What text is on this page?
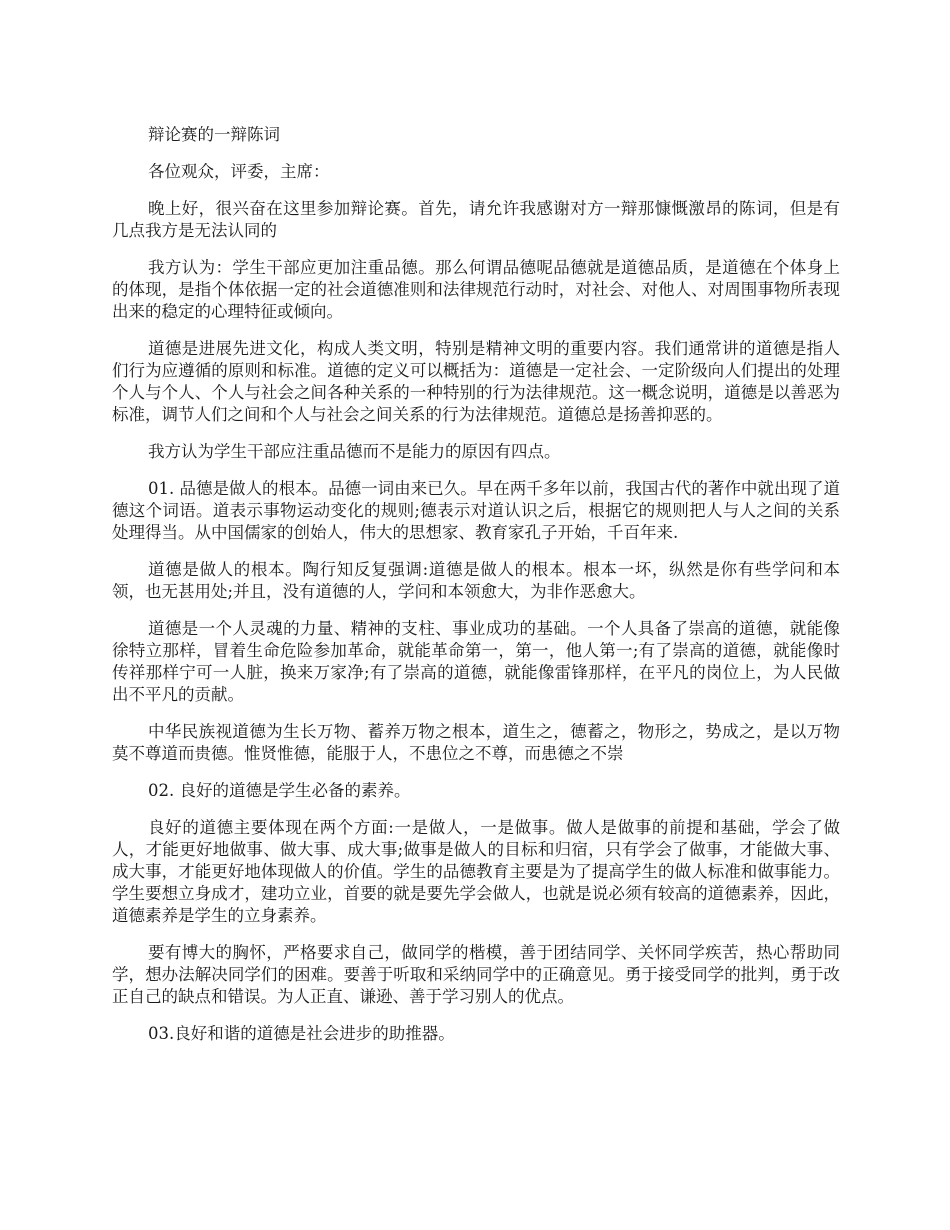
辩论赛的一辩陈词

各位观众，评委，主席：

晚上好，很兴奋在这里参加辩论赛。首先，请允许我感谢对方一辩那慷慨激昂的陈词，但是有几点我方是无法认同的

我方认为：学生干部应更加注重品德。那么何谓品德呢品德就是道德品质，是道德在个体身上的体现，是指个体依据一定的社会道德准则和法律规范行动时，对社会、对他人、对周围事物所表现出来的稳定的心理特征或倾向。

道德是进展先进文化，构成人类文明，特别是精神文明的重要内容。我们通常讲的道德是指人们行为应遵循的原则和标准。道德的定义可以概括为：道德是一定社会、一定阶级向人们提出的处理个人与个人、个人与社会之间各种关系的一种特别的行为法律规范。这一概念说明，道德是以善恶为标准，调节人们之间和个人与社会之间关系的行为法律规范。道德总是扬善抑恶的。

我方认为学生干部应注重品德而不是能力的原因有四点。

01. 品德是做人的根本。品德一词由来已久。早在两千多年以前，我国古代的著作中就出现了道德这个词语。道表示事物运动变化的规则;德表示对道认识之后，根据它的规则把人与人之间的关系处理得当。从中国儒家的创始人，伟大的思想家、教育家孔子开始，千百年来.

道德是做人的根本。陶行知反复强调:道德是做人的根本。根本一坏，纵然是你有些学问和本领，也无甚用处;并且，没有道德的人，学问和本领愈大，为非作恶愈大。

道德是一个人灵魂的力量、精神的支柱、事业成功的基础。一个人具备了崇高的道德，就能像徐特立那样，冒着生命危险参加革命，就能革命第一，第一，他人第一;有了崇高的道德，就能像时传祥那样宁可一人脏，换来万家净;有了崇高的道德，就能像雷锋那样，在平凡的岗位上，为人民做出不平凡的贡献。

中华民族视道德为生长万物、蓄养万物之根本，道生之，德蓄之，物形之，势成之，是以万物莫不尊道而贵德。惟贤惟德，能服于人，不患位之不尊，而患德之不崇

02. 良好的道德是学生必备的素养。

良好的道德主要体现在两个方面:一是做人，一是做事。做人是做事的前提和基础，学会了做人，才能更好地做事、做大事、成大事;做事是做人的目标和归宿，只有学会了做事，才能做大事、成大事，才能更好地体现做人的价值。学生的品德教育主要是为了提高学生的做人标准和做事能力。学生要想立身成才，建功立业，首要的就是要先学会做人，也就是说必须有较高的道德素养，因此，道德素养是学生的立身素养。

要有博大的胸怀，严格要求自己，做同学的楷模，善于团结同学、关怀同学疾苦，热心帮助同学，想办法解决同学们的困难。要善于听取和采纳同学中的正确意见。勇于接受同学的批判，勇于改正自己的缺点和错误。为人正直、谦逊、善于学习别人的优点。

03.良好和谐的道德是社会进步的助推器。
